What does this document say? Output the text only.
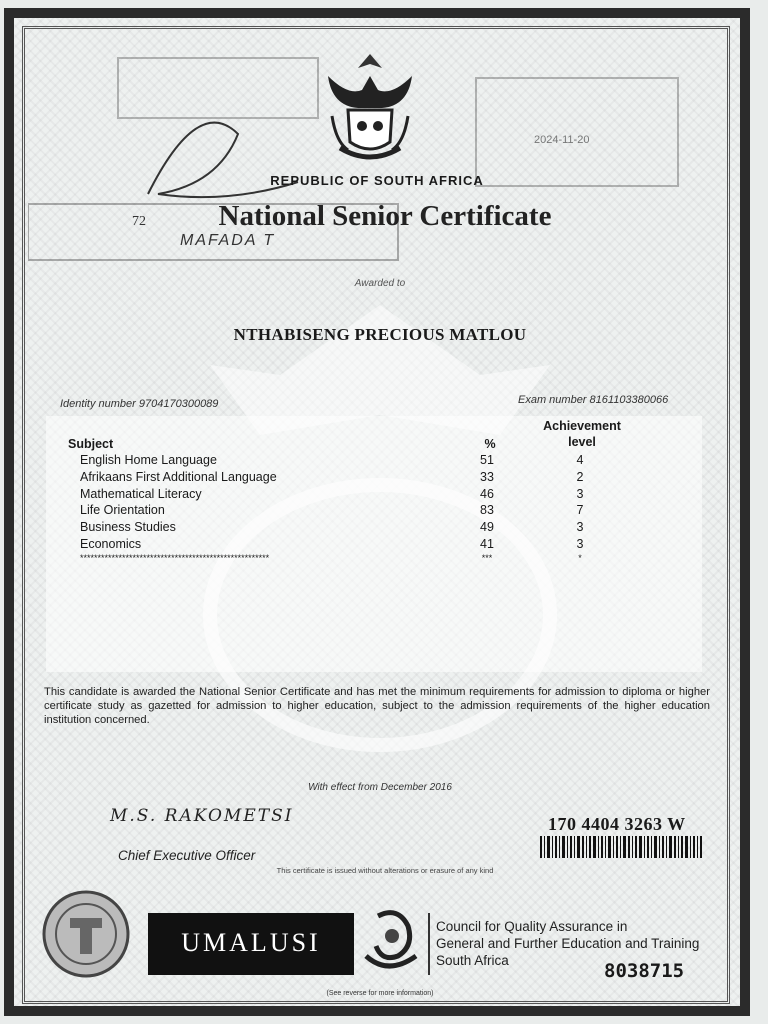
72
MAFADA T
2024-11-20
REPUBLIC OF SOUTH AFRICA
National Senior Certificate
Awarded to
NTHABISENG PRECIOUS MATLOU
Identity number 9704170300089	Exam number 8161103380066
Subject	%
Achievement
level
English Home Language	51	4
Afrikaans First Additional Language	33	2
Mathematical Literacy	46	3
Life Orientation	83	7
Business Studies	49	3
Economics	41	3
******************************************************	***	*
This candidate is awarded the National Senior Certificate and has met the minimum requirements for admission to diploma or higher certificate study as gazetted for admission to higher education, subject to the admission requirements of the higher education institution concerned.
With effect from December 2016
M.S. RAKOMETSI
Chief Executive Officer
This certificate is issued without alterations or erasure of any kind
170 4404 3263 W
UMALUSI
Council for Quality Assurance in
General and Further Education and Training
South Africa	8038715
(See reverse for more information)
